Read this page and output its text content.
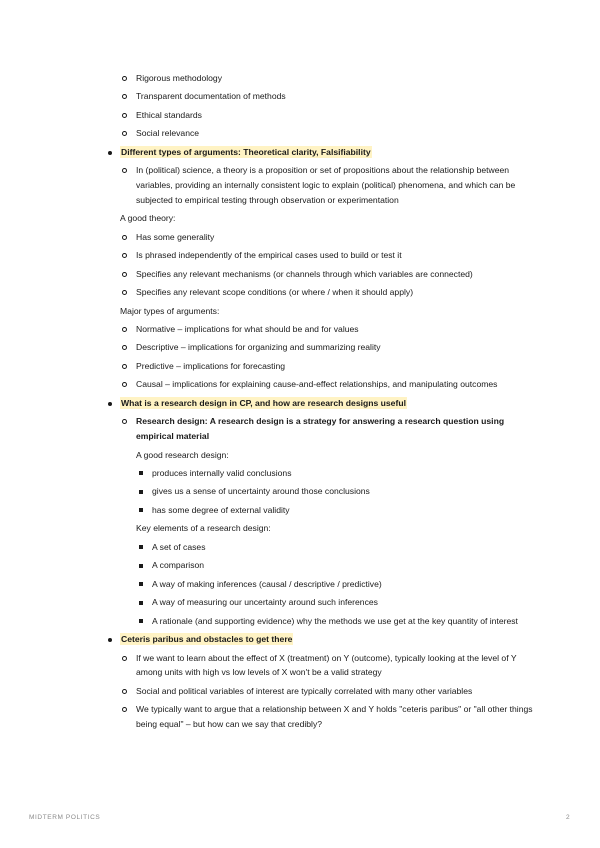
Rigorous methodology
Transparent documentation of methods
Ethical standards
Social relevance
Different types of arguments: Theoretical clarity, Falsifiability
In (political) science, a theory is a proposition or set of propositions about the relationship between variables, providing an internally consistent logic to explain (political) phenomena, and which can be subjected to empirical testing through observation or experimentation
A good theory:
Has some generality
Is phrased independently of the empirical cases used to build or test it
Specifies any relevant mechanisms (or channels through which variables are connected)
Specifies any relevant scope conditions (or where / when it should apply)
Major types of arguments:
Normative – implications for what should be and for values
Descriptive – implications for organizing and summarizing reality
Predictive – implications for forecasting
Causal – implications for explaining cause-and-effect relationships, and manipulating outcomes
What is a research design in CP, and how are research designs useful
Research design: A research design is a strategy for answering a research question using empirical material
A good research design:
produces internally valid conclusions
gives us a sense of uncertainty around those conclusions
has some degree of external validity
Key elements of a research design:
A set of cases
A comparison
A way of making inferences (causal / descriptive / predictive)
A way of measuring our uncertainty around such inferences
A rationale (and supporting evidence) why the methods we use get at the key quantity of interest
Ceteris paribus and obstacles to get there
If we want to learn about the effect of X (treatment) on Y (outcome), typically looking at the level of Y among units with high vs low levels of X won't be a valid strategy
Social and political variables of interest are typically correlated with many other variables
We typically want to argue that a relationship between X and Y holds "ceteris paribus" or "all other things being equal" – but how can we say that credibly?
MIDTERM POLITICS	2
